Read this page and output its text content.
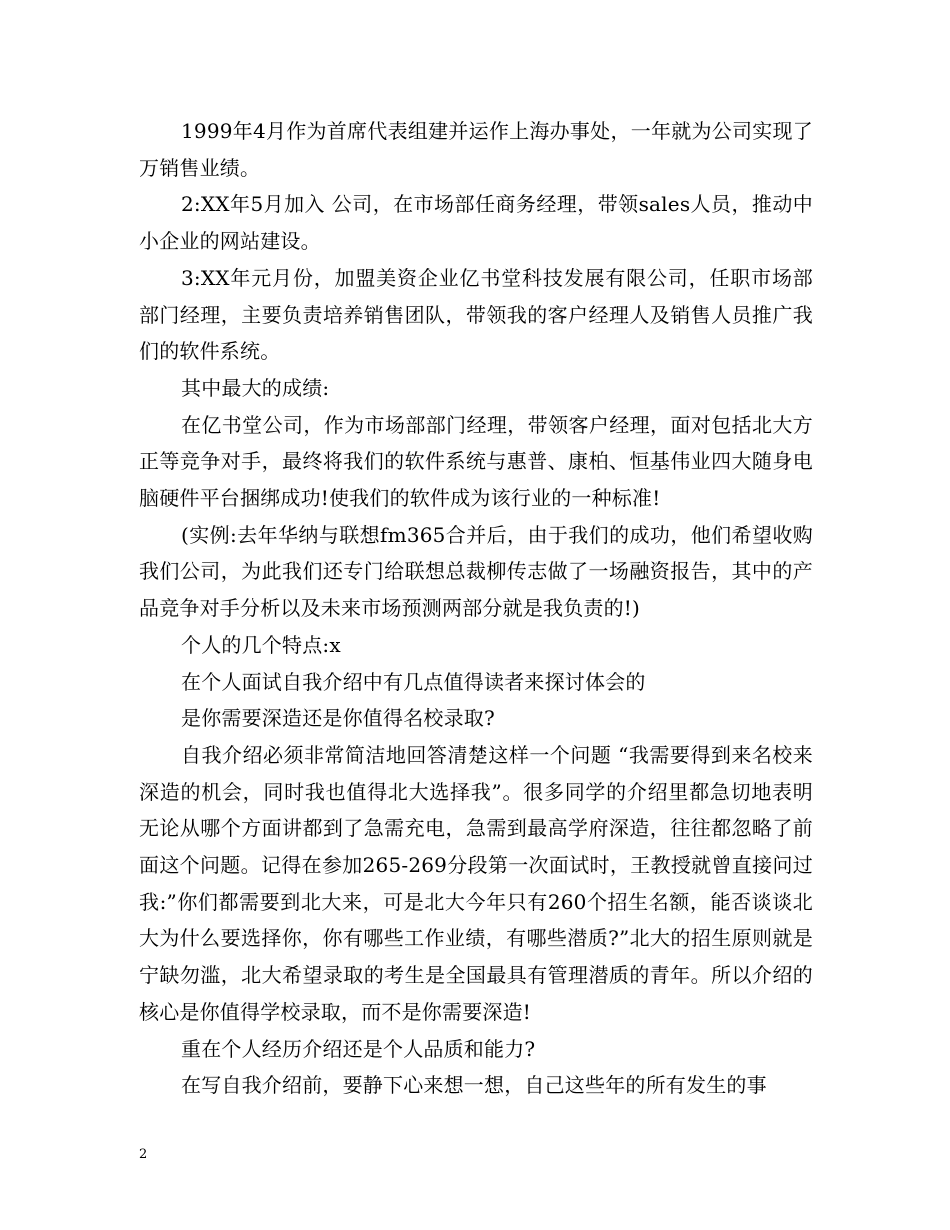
1999年4月作为首席代表组建并运作上海办事处，一年就为公司实现了 万销售业绩。

2:XX年5月加入 公司，在市场部任商务经理，带领sales人员，推动中小企业的网站建设。

3:XX年元月份，加盟美资企业亿书堂科技发展有限公司，任职市场部部门经理，主要负责培养销售团队，带领我的客户经理人及销售人员推广我们的软件系统。

其中最大的成绩:

在亿书堂公司，作为市场部部门经理，带领客户经理，面对包括北大方正等竞争对手，最终将我们的软件系统与惠普、康柏、恒基伟业四大随身电脑硬件平台捆绑成功!使我们的软件成为该行业的一种标准!

(实例:去年华纳与联想fm365合并后，由于我们的成功，他们希望收购我们公司，为此我们还专门给联想总裁柳传志做了一场融资报告，其中的产品竞争对手分析以及未来市场预测两部分就是我负责的!)

个人的几个特点:x

在个人面试自我介绍中有几点值得读者来探讨体会的

是你需要深造还是你值得名校录取?

自我介绍必须非常简洁地回答清楚这样一个问题 “我需要得到来名校来深造的机会，同时我也值得北大选择我”。很多同学的介绍里都急切地表明无论从哪个方面讲都到了急需充电，急需到最高学府深造，往往都忽略了前面这个问题。记得在参加265-269分段第一次面试时，王教授就曾直接问过我:”你们都需要到北大来，可是北大今年只有260个招生名额，能否谈谈北大为什么要选择你，你有哪些工作业绩，有哪些潜质?”北大的招生原则就是宁缺勿滥，北大希望录取的考生是全国最具有管理潜质的青年。所以介绍的核心是你值得学校录取，而不是你需要深造!

重在个人经历介绍还是个人品质和能力?

在写自我介绍前，要静下心来想一想，自己这些年的所有发生的事

2
